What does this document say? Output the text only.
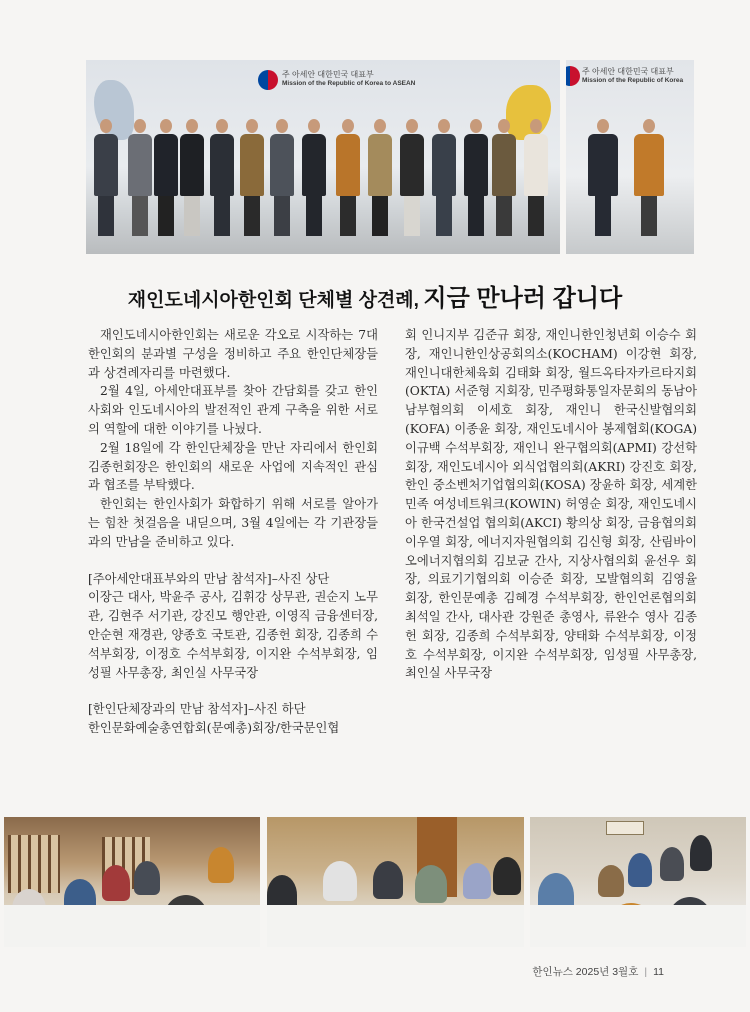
주 아세안 대한민국 대표부
Mission of the Republic of Korea to ASEAN
주 아세안 대한민국 대표부
Mission of the Republic of Korea
재인도네시아한인회 단체별 상견례, 지금 만나러 갑니다

재인도네시아한인회는 새로운 각오로 시작하는 7대 한인회의 분과별 구성을 정비하고 주요 한인단체장들과 상견례자리를 마련했다.

2월 4일, 아세안대표부를 찾아 간담회를 갖고 한인사회와 인도네시아의 발전적인 관계 구축을 위한 서로의 역할에 대한 이야기를 나눴다.

2월 18일에 각 한인단체장을 만난 자리에서 한인회 김종헌회장은 한인회의 새로운 사업에 지속적인 관심과 협조를 부탁했다.

한인회는 한인사회가 화합하기 위해 서로를 알아가는 힘찬 첫걸음을 내딛으며, 3월 4일에는 각 기관장들과의 만남을 준비하고 있다.

[주아세안대표부와의 만남 참석자]–사진 상단
이장근 대사, 박윤주 공사, 김휘강 상무관, 권순지 노무관, 김현주 서기관, 강진모 행안관, 이영직 금융센터장, 안순현 재경관, 양종호 국토관, 김종헌 회장, 김종희 수석부회장, 이정호 수석부회장, 이지완 수석부회장, 임성필 사무총장, 최인실 사무국장
[한인단체장과의 만남 참석자]–사진 하단
한인문화예술총연합회(문예총)회장/한국문인협
회 인니지부 김준규 회장, 재인니한인청년회 이승수 회장, 재인니한인상공회의소(KOCHAM) 이강현 회장, 재인니대한체육회 김태화 회장, 월드옥타자카르타지회(OKTA) 서준형 지회장, 민주평화통일자문회의 동남아남부협의회 이세호 회장, 재인니 한국신발협의회(KOFA) 이종윤 회장, 재인도네시아 봉제협회(KOGA) 이규백 수석부회장, 재인니 완구협의회(APMI) 강선학 회장, 재인도네시아 외식업협의회(AKRI) 강진호 회장, 한인 중소벤처기업협의회(KOSA) 장윤하 회장, 세계한민족 여성네트워크(KOWIN) 허영순 회장, 재인도네시아 한국건설업 협의회(AKCI) 황의상 회장, 금융협의회 이우열 회장, 에너지자원협의회 김신형 회장, 산림바이오에너지협의회 김보균 간사, 지상사협의회 윤선우 회장, 의료기기협의회 이승준 회장, 모발협의회 김영율 회장, 한인문예총 김혜경 수석부회장, 한인언론협의회 최석일 간사, 대사관 강원준 총영사, 류완수 영사 김종헌 회장, 김종희 수석부회장, 양태화 수석부회장, 이정호 수석부회장, 이지완 수석부회장, 임성필 사무총장, 최인실 사무국장
한인뉴스 2025년 3월호 | 11
